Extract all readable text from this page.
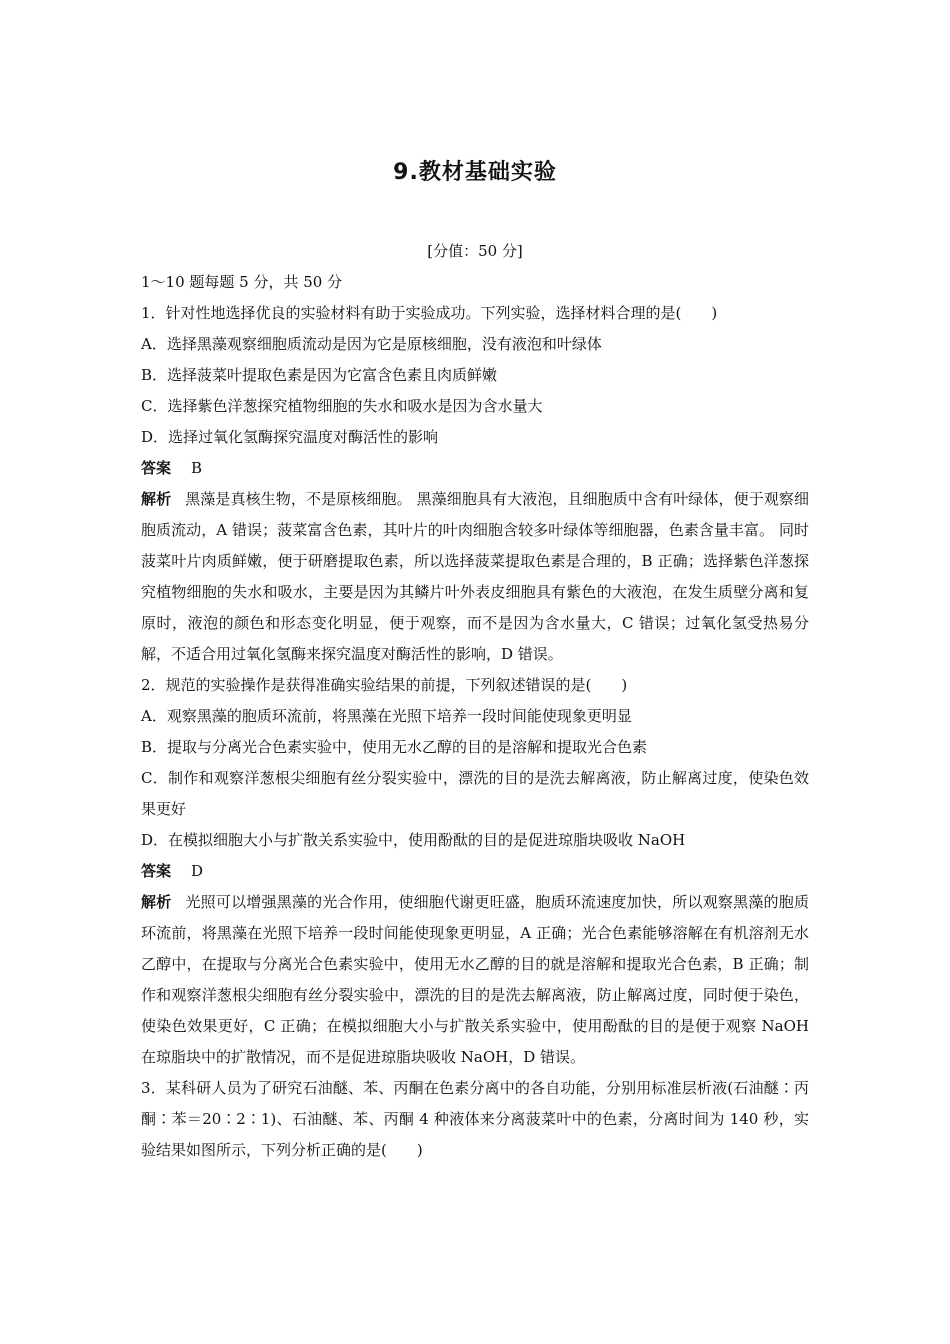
9.教材基础实验
[分值：50 分]
1～10 题每题 5 分，共 50 分
1．针对性地选择优良的实验材料有助于实验成功。下列实验，选择材料合理的是(　　)
A．选择黑藻观察细胞质流动是因为它是原核细胞，没有液泡和叶绿体
B．选择菠菜叶提取色素是因为它富含色素且肉质鲜嫩
C．选择紫色洋葱探究植物细胞的失水和吸水是因为含水量大
D．选择过氧化氢酶探究温度对酶活性的影响
答案 B
解析 黑藻是真核生物，不是原核细胞。 黑藻细胞具有大液泡，且细胞质中含有叶绿体，便于观察细胞质流动，A 错误；菠菜富含色素，其叶片的叶肉细胞含较多叶绿体等细胞器，色素含量丰富。 同时菠菜叶片肉质鲜嫩，便于研磨提取色素，所以选择菠菜提取色素是合理的，B 正确；选择紫色洋葱探究植物细胞的失水和吸水，主要是因为其鳞片叶外表皮细胞具有紫色的大液泡，在发生质壁分离和复原时，液泡的颜色和形态变化明显，便于观察，而不是因为含水量大，C 错误；过氧化氢受热易分解，不适合用过氧化氢酶来探究温度对酶活性的影响，D 错误。
2．规范的实验操作是获得准确实验结果的前提，下列叙述错误的是(　　)
A．观察黑藻的胞质环流前，将黑藻在光照下培养一段时间能使现象更明显
B．提取与分离光合色素实验中，使用无水乙醇的目的是溶解和提取光合色素
C．制作和观察洋葱根尖细胞有丝分裂实验中，漂洗的目的是洗去解离液，防止解离过度，使染色效果更好
D．在模拟细胞大小与扩散关系实验中，使用酚酞的目的是促进琼脂块吸收 NaOH
答案 D
解析 光照可以增强黑藻的光合作用，使细胞代谢更旺盛，胞质环流速度加快，所以观察黑藻的胞质环流前，将黑藻在光照下培养一段时间能使现象更明显，A 正确；光合色素能够溶解在有机溶剂无水乙醇中，在提取与分离光合色素实验中，使用无水乙醇的目的就是溶解和提取光合色素，B 正确；制作和观察洋葱根尖细胞有丝分裂实验中，漂洗的目的是洗去解离液，防止解离过度，同时便于染色，使染色效果更好，C 正确；在模拟细胞大小与扩散关系实验中，使用酚酞的目的是便于观察 NaOH 在琼脂块中的扩散情况，而不是促进琼脂块吸收 NaOH，D 错误。
3．某科研人员为了研究石油醚、苯、丙酮在色素分离中的各自功能，分别用标准层析液(石油醚∶丙酮∶苯＝20∶2∶1)、石油醚、苯、丙酮 4 种液体来分离菠菜叶中的色素，分离时间为 140 秒，实验结果如图所示，下列分析正确的是(　　)
